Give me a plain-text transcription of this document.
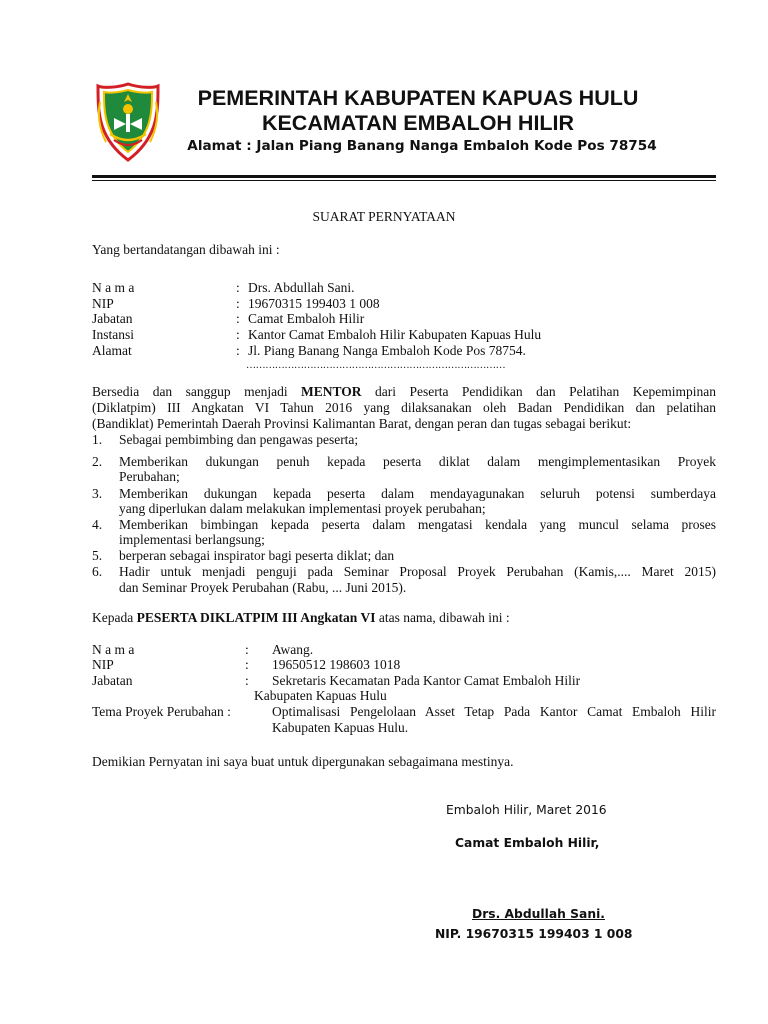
PEMERINTAH KABUPATEN KAPUAS HULU
KECAMATAN EMBALOH HILIR
Alamat : Jalan Piang Banang Nanga Embaloh Kode Pos 78754
SUARAT PERNYATAAN
Yang bertandatangan dibawah ini :
N a m a	: Drs. Abdullah Sani.
NIP	: 19670315 199403 1 008
Jabatan	: Camat Embaloh Hilir
Instansi	: Kantor Camat Embaloh Hilir Kabupaten Kapuas Hulu
Alamat	: Jl. Piang Banang Nanga Embaloh Kode Pos 78754.
………………………………………………………………………
Bersedia dan sanggup menjadi MENTOR dari Peserta Pendidikan dan Pelatihan Kepemimpinan
(Diklatpim) III Angkatan VI Tahun 2016 yang dilaksanakan oleh Badan Pendidikan dan pelatihan
(Bandiklat) Pemerintah Daerah Provinsi Kalimantan Barat, dengan peran dan tugas sebagai berikut:
1. Sebagai pembimbing dan pengawas peserta;
2. Memberikan dukungan penuh kepada peserta diklat dalam mengimplementasikan Proyek
Perubahan;
3. Memberikan dukungan kepada peserta dalam mendayagunakan seluruh potensi sumberdaya
yang diperlukan dalam melakukan implementasi proyek perubahan;
4. Memberikan bimbingan kepada peserta dalam mengatasi kendala yang muncul selama proses
implementasi berlangsung;
5. berperan sebagai inspirator bagi peserta diklat; dan
6. Hadir untuk menjadi penguji pada Seminar Proposal Proyek Perubahan (Kamis,.... Maret 2015)
dan Seminar Proyek Perubahan (Rabu, ... Juni 2015).
Kepada PESERTA DIKLATPIM III Angkatan VI atas nama, dibawah ini :
N a m a	: Awang.
NIP	: 19650512 198603 1018
Jabatan	: Sekretaris Kecamatan Pada Kantor Camat Embaloh Hilir
Kabupaten Kapuas Hulu
Tema Proyek Perubahan :	Optimalisasi Pengelolaan Asset Tetap Pada Kantor Camat Embaloh Hilir
Kabupaten Kapuas Hulu.
Demikian Pernyatan ini saya buat untuk dipergunakan sebagaimana mestinya.
Embaloh Hilir, Maret 2016
Camat Embaloh Hilir,
Drs. Abdullah Sani.
NIP. 19670315 199403 1 008
